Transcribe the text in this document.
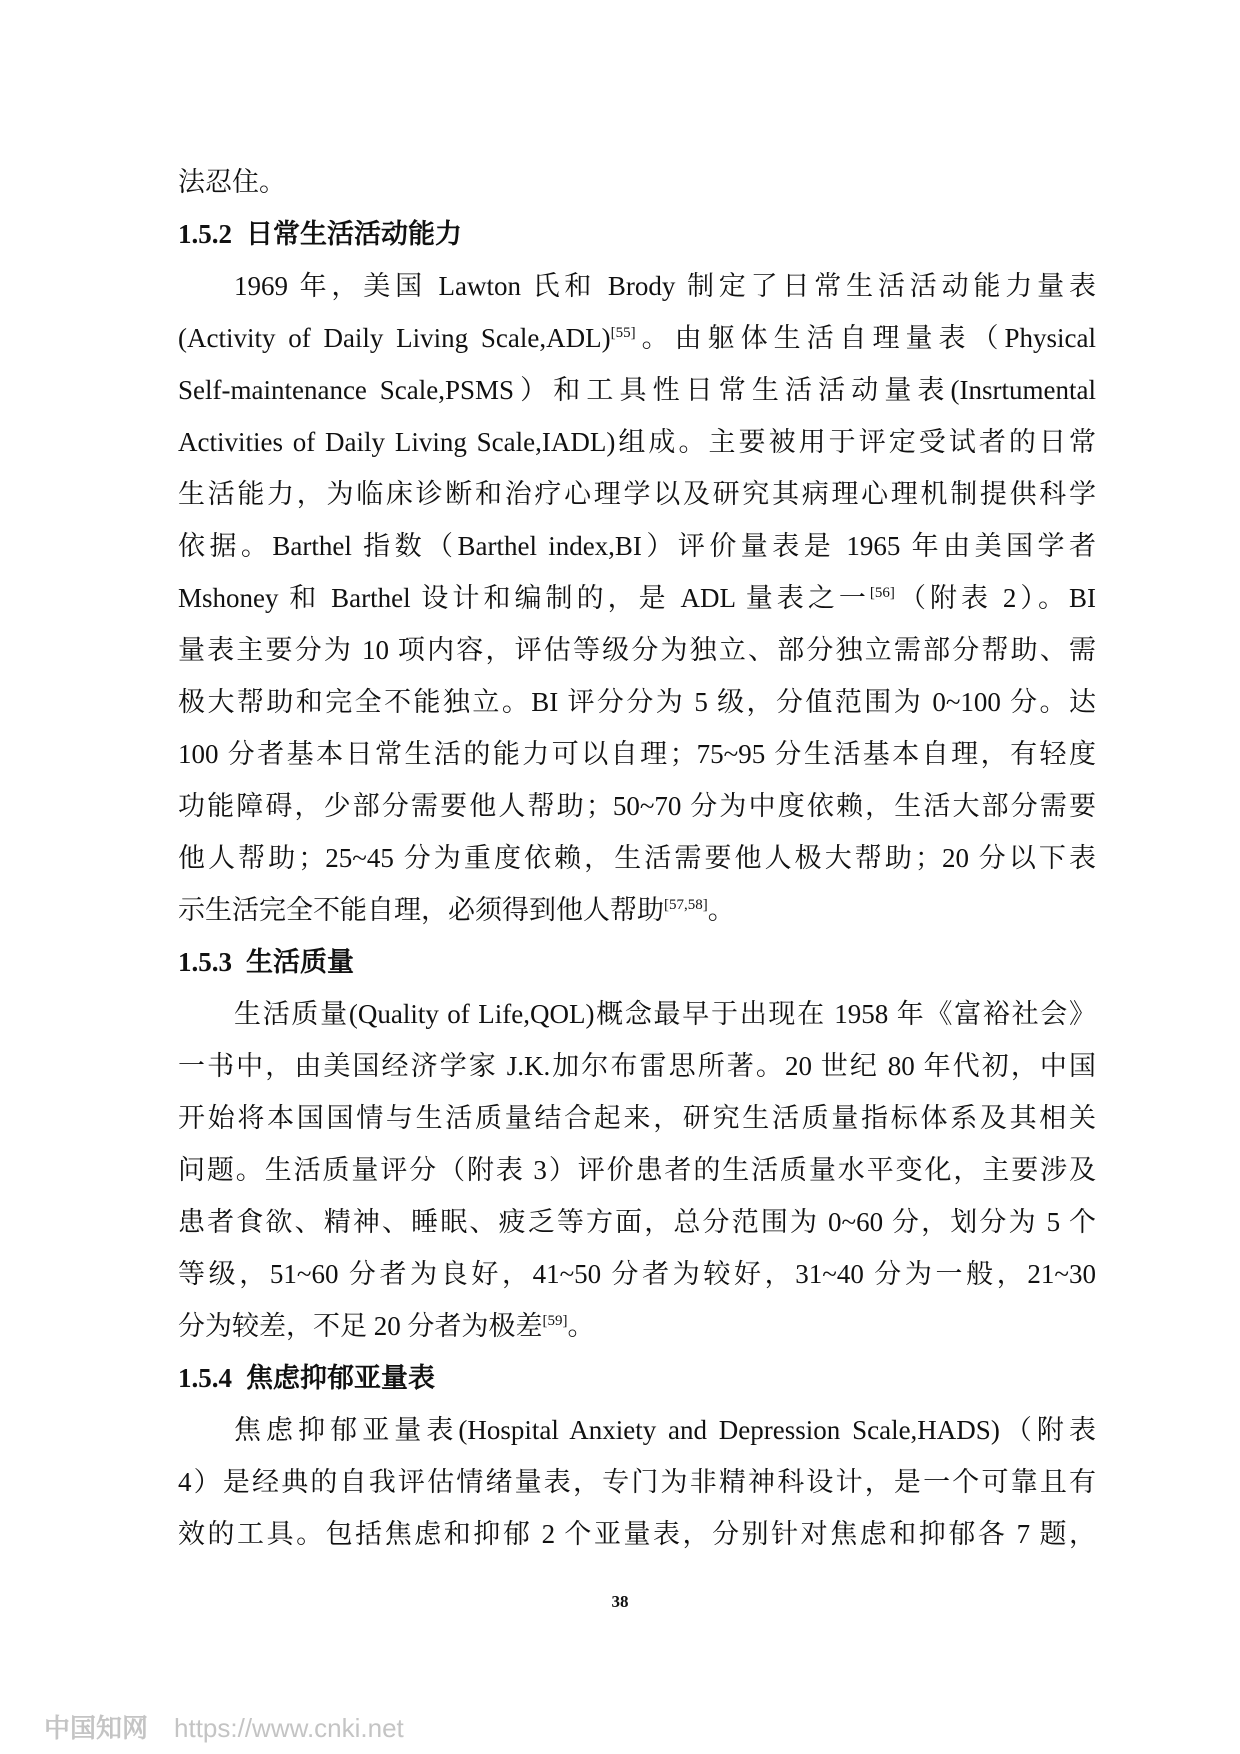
法忍住。
1.5.2 日常生活活动能力
1969 年，美国 Lawton 氏和 Brody 制定了日常生活活动能力量表
(Activity of Daily Living Scale,ADL)[55]。由躯体生活自理量表（Physical
Self-maintenance Scale,PSMS）和工具性日常生活活动量表(Insrtumental
Activities of Daily Living Scale,IADL)组成。主要被用于评定受试者的日常
生活能力，为临床诊断和治疗心理学以及研究其病理心理机制提供科学
依据。Barthel 指数（Barthel index,BI）评价量表是 1965 年由美国学者
Mshoney 和 Barthel 设计和编制的，是 ADL 量表之一[56]（附表 2）。BI
量表主要分为 10 项内容，评估等级分为独立、部分独立需部分帮助、需
极大帮助和完全不能独立。BI 评分分为 5 级，分值范围为 0~100 分。达
100 分者基本日常生活的能力可以自理；75~95 分生活基本自理，有轻度
功能障碍，少部分需要他人帮助；50~70 分为中度依赖，生活大部分需要
他人帮助；25~45 分为重度依赖，生活需要他人极大帮助；20 分以下表
示生活完全不能自理，必须得到他人帮助[57,58]。
1.5.3 生活质量
生活质量(Quality of Life,QOL)概念最早于出现在 1958 年《富裕社会》
一书中，由美国经济学家 J.K.加尔布雷思所著。20 世纪 80 年代初，中国
开始将本国国情与生活质量结合起来，研究生活质量指标体系及其相关
问题。生活质量评分（附表 3）评价患者的生活质量水平变化，主要涉及
患者食欲、精神、睡眠、疲乏等方面，总分范围为 0~60 分，划分为 5 个
等级，51~60 分者为良好，41~50 分者为较好，31~40 分为一般，21~30
分为较差，不足 20 分者为极差[59]。
1.5.4 焦虑抑郁亚量表
焦虑抑郁亚量表(Hospital Anxiety and Depression Scale,HADS)（附表
4）是经典的自我评估情绪量表，专门为非精神科设计，是一个可靠且有
效的工具。包括焦虑和抑郁 2 个亚量表，分别针对焦虑和抑郁各 7 题，
38
中国知网 https://www.cnki.net
